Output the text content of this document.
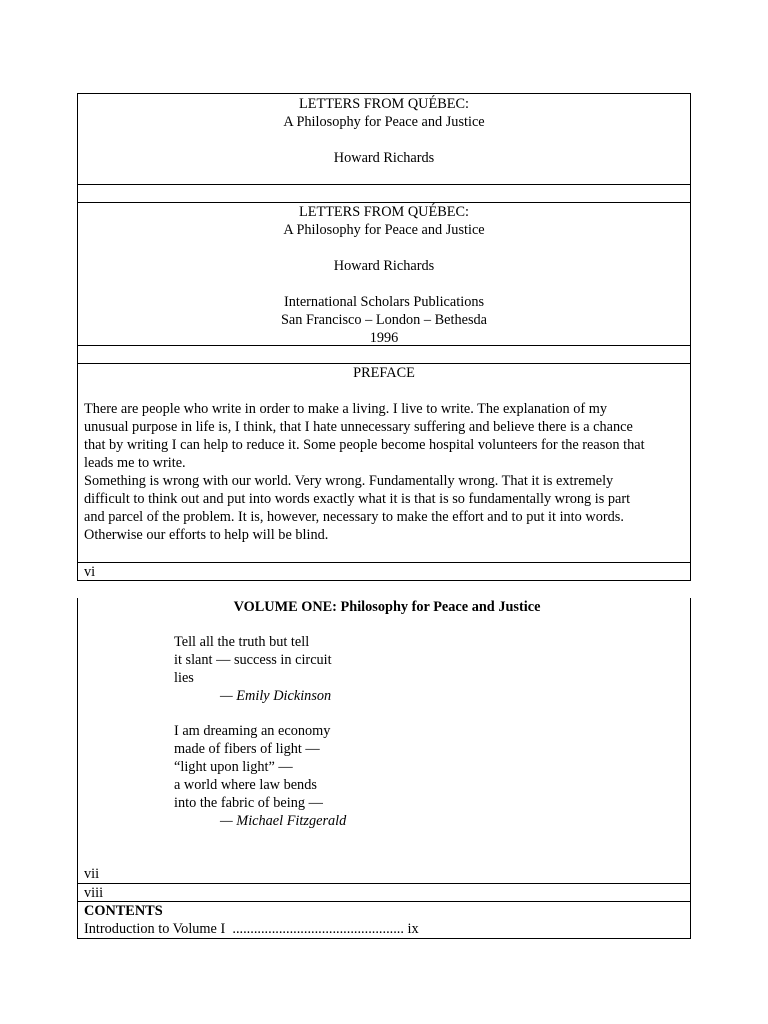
LETTERS FROM QUÉBEC:
A Philosophy for Peace and Justice
Howard Richards
LETTERS FROM QUÉBEC:
A Philosophy for Peace and Justice
Howard Richards
International Scholars Publications
San Francisco – London – Bethesda
1996
PREFACE
There are people who write in order to make a living. I live to write. The explanation of my
unusual purpose in life is, I think, that I hate unnecessary suffering and believe there is a chance
that by writing I can help to reduce it. Some people become hospital volunteers for the reason that
leads me to write.
Something is wrong with our world. Very wrong. Fundamentally wrong. That it is extremely
difficult to think out and put into words exactly what it is that is so fundamentally wrong is part
and parcel of the problem. It is, however, necessary to make the effort and to put it into words.
Otherwise our efforts to help will be blind.
vi
VOLUME ONE: Philosophy for Peace and Justice
Tell all the truth but tell
it slant — success in circuit
lies
— Emily Dickinson
I am dreaming an economy
made of fibers of light —
“light upon light” —
a world where law bends
into the fabric of being —
— Michael Fitzgerald
vii
viii
CONTENTS
Introduction to Volume I  ................................................ ix
